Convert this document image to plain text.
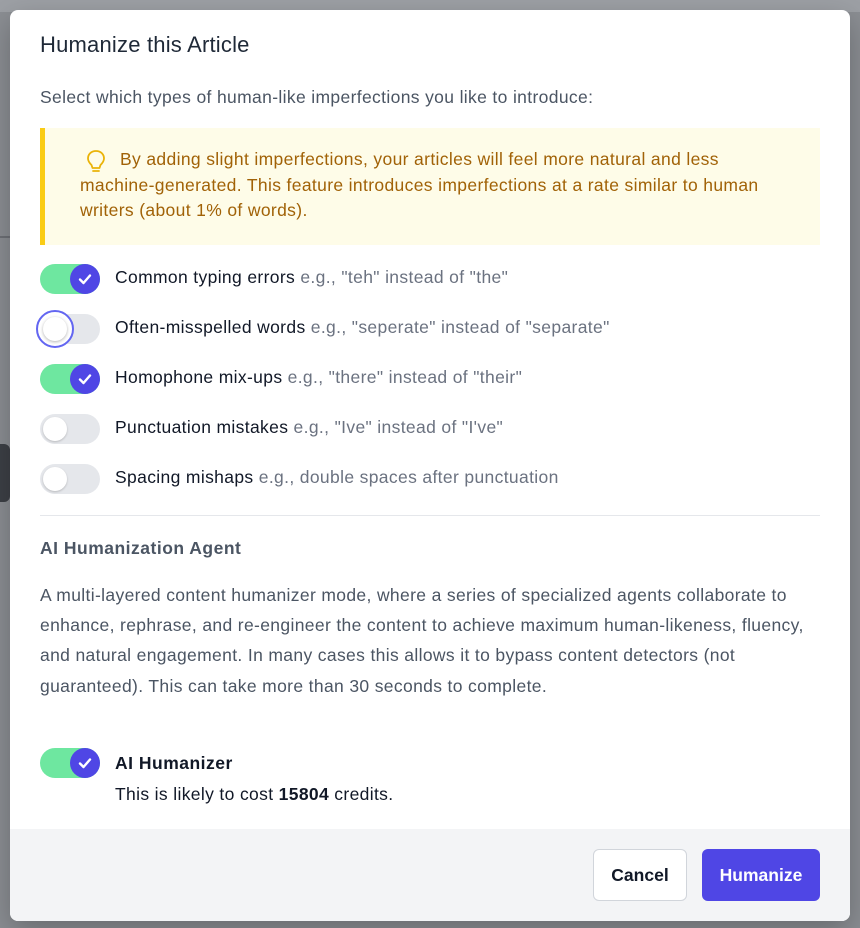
Humanize this Article
Select which types of human-like imperfections you like to introduce:
By adding slight imperfections, your articles will feel more natural and less machine-generated. This feature introduces imperfections at a rate similar to human writers (about 1% of words).
Common typing errors e.g., "teh" instead of "the"
Often-misspelled words e.g., "seperate" instead of "separate"
Homophone mix-ups e.g., "there" instead of "their"
Punctuation mistakes e.g., "Ive" instead of "I've"
Spacing mishaps e.g., double spaces after punctuation
AI Humanization Agent
A multi-layered content humanizer mode, where a series of specialized agents collaborate to enhance, rephrase, and re-engineer the content to achieve maximum human-likeness, fluency, and natural engagement. In many cases this allows it to bypass content detectors (not guaranteed). This can take more than 30 seconds to complete.
AI Humanizer
This is likely to cost 15804 credits.
Cancel	Humanize
